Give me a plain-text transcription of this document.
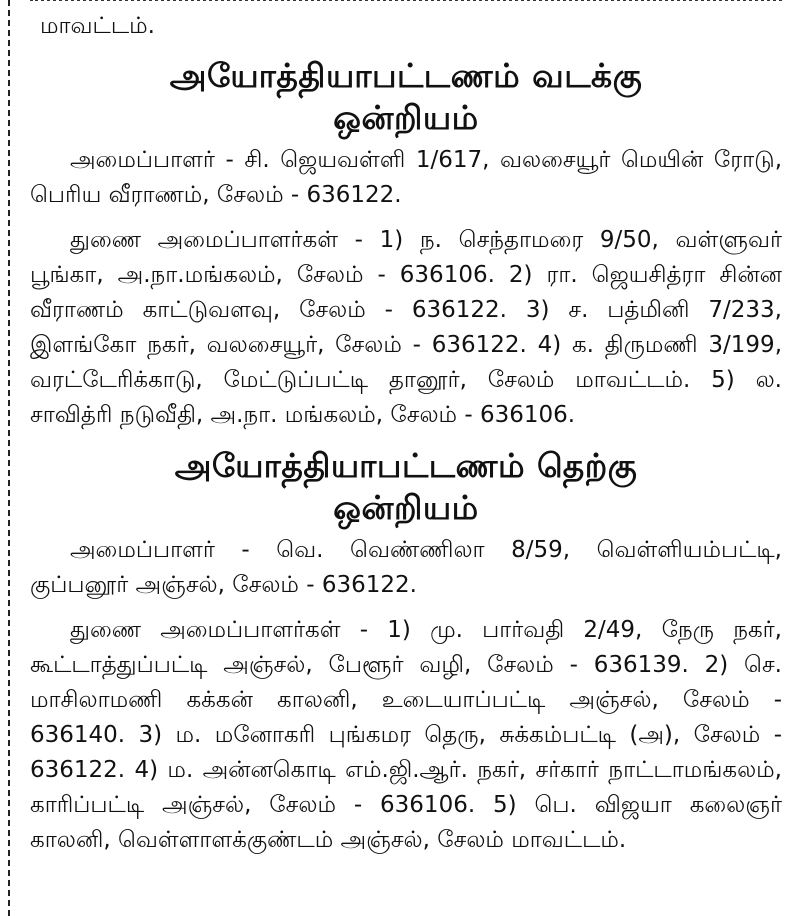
மாவட்டம்.

அயோத்தியாபட்டணம் வடக்கு
ஒன்றியம்

அமைப்பாளர் - சி. ஜெயவள்ளி 1/617, வலசையூர் மெயின் ரோடு, பெரிய வீராணம், சேலம் - 636122.

துணை அமைப்பாளர்கள் - 1) ந. செந்தாமரை 9/50, வள்ளுவர் பூங்கா, அ.நா.மங்கலம், சேலம் - 636106. 2) ரா. ஜெயசித்ரா சின்ன வீராணம் காட்டுவளவு, சேலம் - 636122. 3) ச. பத்மினி 7/233, இளங்கோ நகர், வலசையூர், சேலம் - 636122. 4) க. திருமணி 3/199, வரட்டேரிக்காடு, மேட்டுப்பட்டி தானூர், சேலம் மாவட்டம். 5) ல. சாவித்ரி நடுவீதி, அ.நா. மங்கலம், சேலம் - 636106.

அயோத்தியாபட்டணம் தெற்கு
ஒன்றியம்

அமைப்பாளர் - வெ. வெண்ணிலா 8/59, வெள்ளியம்பட்டி, குப்பனூர் அஞ்சல், சேலம் - 636122.

துணை அமைப்பாளர்கள் - 1) மு. பார்வதி 2/49, நேரு நகர், கூட்டாத்துப்பட்டி அஞ்சல், பேளூர் வழி, சேலம் - 636139. 2) செ. மாசிலாமணி கக்கன் காலனி, உடையாப்பட்டி அஞ்சல், சேலம் - 636140. 3) ம. மனோகரி புங்கமர தெரு, சுக்கம்பட்டி (அ), சேலம் - 636122. 4) ம. அன்னகொடி எம்.ஜி.ஆர். நகர், சர்கார் நாட்டாமங்கலம், காரிப்பட்டி அஞ்சல், சேலம் - 636106. 5) பெ. விஜயா கலைஞர் காலனி, வெள்ளாளக்குண்டம் அஞ்சல், சேலம் மாவட்டம்.
